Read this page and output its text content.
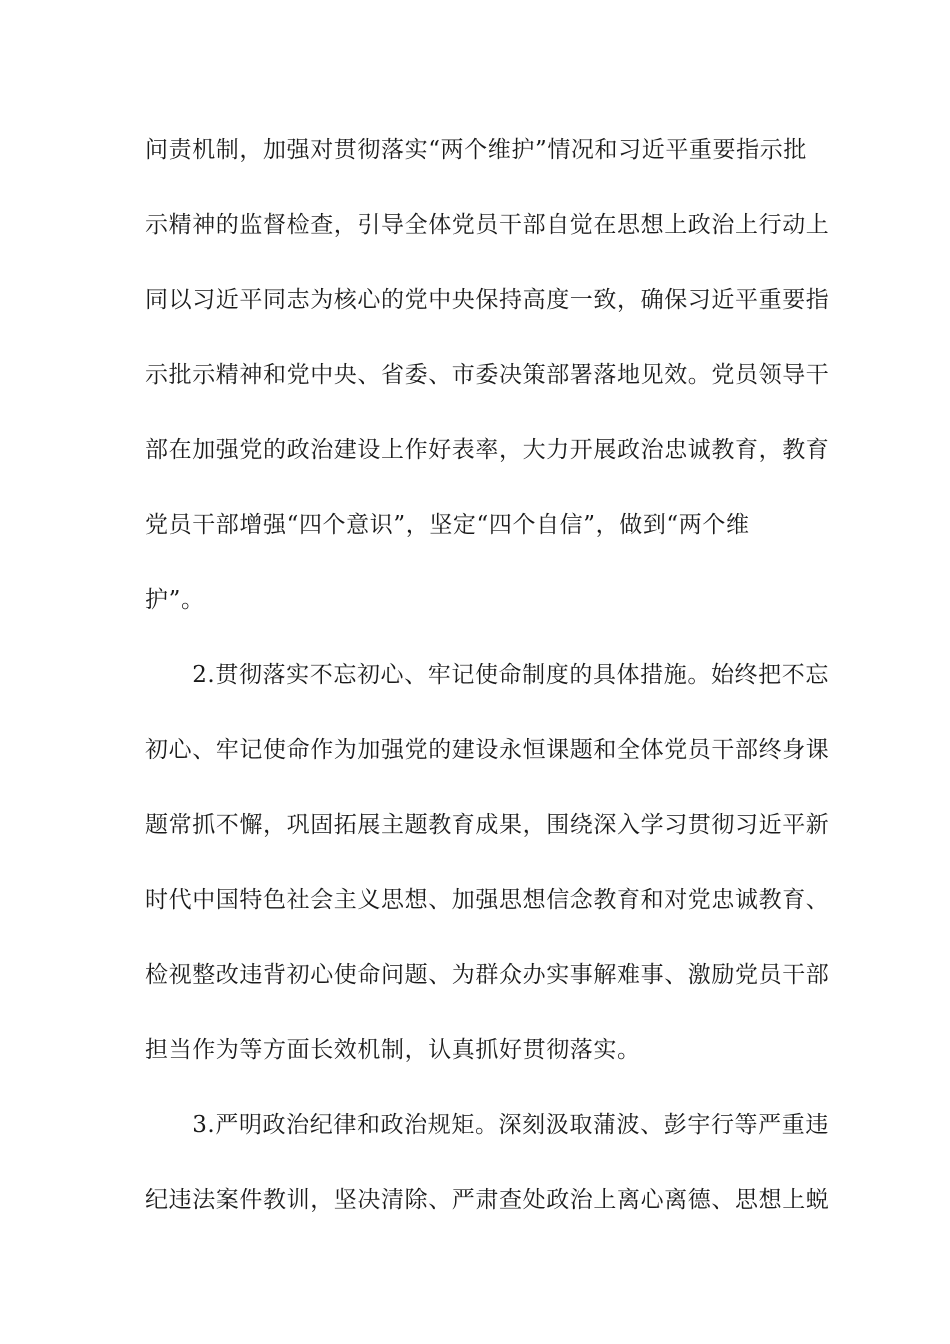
问责机制，加强对贯彻落实“两个维护”情况和习近平重要指示批
示精神的监督检查，引导全体党员干部自觉在思想上政治上行动上
同以习近平同志为核心的党中央保持高度一致，确保习近平重要指
示批示精神和党中央、省委、市委决策部署落地见效。党员领导干
部在加强党的政治建设上作好表率，大力开展政治忠诚教育，教育
党员干部增强“四个意识”，坚定“四个自信”，做到“两个维
护”。
　　2.贯彻落实不忘初心、牢记使命制度的具体措施。始终把不忘
初心、牢记使命作为加强党的建设永恒课题和全体党员干部终身课
题常抓不懈，巩固拓展主题教育成果，围绕深入学习贯彻习近平新
时代中国特色社会主义思想、加强思想信念教育和对党忠诚教育、
检视整改违背初心使命问题、为群众办实事解难事、激励党员干部
担当作为等方面长效机制，认真抓好贯彻落实。
　　3.严明政治纪律和政治规矩。深刻汲取蒲波、彭宇行等严重违
纪违法案件教训，坚决清除、严肃查处政治上离心离德、思想上蜕
